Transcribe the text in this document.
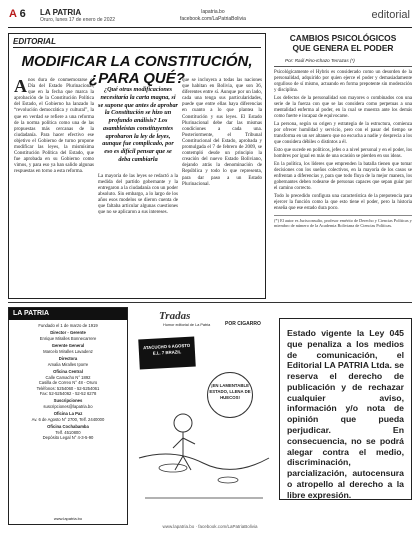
A 6 LA PATRIA
Oruro, lunes 17 de enero de 2022
lapatria.bo
facebook.com/LaPatriaBolivia	editorial
EDITORIAL
MODIFICAR LA CONSTITUCIÓN, ¿PARA QUÉ?
A nos dura de conmemorarse el Día del Estado Plurinacional, que en la fecha que marca la aprobación de la Constitución Política del Estado, el Gobierno ha lanzado la “revolución democrática y cultural”, la que en verdad se refiere a una reforma de la norma política como una de las propuestas más cercanas de la ciudadanía. Para hacer efectivo ese objetivo el Gobierno de turno propone modificar las leyes, la mismísima Constitución Política del Estado, que fue aprobada en su Gobierno como vimos, y para eso ya han salido algunas respuestas en torno a esta reforma.
¿Qué otras modificaciones necesitaría la carta magna, si se supone que antes de aprobar la Constitución se hizo un profundo análisis? Los asambleístas constituyentes aprobaron la ley de leyes, aunque fue complicado, por eso es difícil pensar que se deba cambiarla
La mayoría de las leyes se redactó a la medida del partido gobernante y la entregaron a la ciudadanía con un poder absoluto. Sin embargo, a lo largo de los años esos modelos se dieron cuenta de que faltaba articular algunas cuestiones que no se aplicaron a sus intereses.
que se incluyera a todas las naciones que habitan en Bolivia, que son 36, diferentes entre sí. Aunque por un lado, cada una tenga sus particularidades, puede que entre ellas haya diferencias en cuanto a lo que plantea la Constitución y sus leyes. El Estado Plurinacional debe dar las mismas condiciones a cada una. Posteriormente, el Tribunal Constitucional del Estado, aprobada y promulgada el 7 de febrero de 2009, se contempló desde un principio la creación del nuevo Estado Boliviano, dejando atrás la denominación de República y todo lo que representa, para dar paso a un Estado Plurinacional.
CAMBIOS PSICOLÓGICOS
QUE GENERA EL PODER
Por: Raúl Pino-Ichazo Terrazas (*)

Psicológicamente el Hybris es considerado como un desorden de la personalidad, adquirido por quien ejerce el poder y demasiadamente orgulloso de sí mismo, actuando en forma prepotente sin moderación y disciplina.

Los defectos de la personalidad son mayores o combinados con una serie de la fuerza con que se las considera como perpetuas a una mentalidad enferma al poder, en la cual se muestra ante los demás como fuerte e incapaz de equivocarse.

La persona, según su origen y estrategia de la estructura, comienza por ofrecer humildad y servicio, pero con el pasar del tiempo se transforma en un ser altanero que no escucha a nadie y desprecia a los que considera débiles o distintos a él.

Esto que sucede en políticos, jefes o a nivel personal y en el poder, los hombres por igual en más de una ocasión se pierden en sus ideas.

En la política, los líderes que emprenden la batalla tienen que tomar decisiones con los sueños colectivos, en la mayoría de los casos se enfrentan a diferencias y, para que todo fluya de la mejor manera, los gobernantes deben rodearse de personas capaces que sepan guiar por el camino correcto.

Todo lo precedido configura una característica de la prepotencia para ejercer la función como la que esto tiene el poder, pero la historia enseña que ese estado dura poco.

(*) El autor es Jurisconsulto, profesor emérito de Derecho y Ciencias Políticas y miembro de número de la Academia Boliviana de Ciencias Políticas.
LA PATRIA
Fundado el 1 de marzo de 1919
Director - Gerente
Enrique Miralles Bonnecarrere
Gerente General
Marcelo Miralles Lavadenz
Directora
Amalia Miralles Iporre
Oficina Central
Calle Camacho N° 1892
Casilla de Correo N° 48 - Oruro
Teléfonos: 5254060 - 52-5254061
Fax: 52-5254062 - 52-52 6278
Suscripciones
suscripciones@lapatria.bo
Oficina La Paz
Av. 6 de Agosto N° 2700, Telf. 2440000
Oficina Cochabamba
Telf. 4510800
Depósito Legal N° 4-3-5-90
www.lapatria.bo
Tradas
Humor editorial de La Patria	POR CIGARRO
ATACUCHO 6 AGOSTO E.L. 7 BRAZIL
¡EN LAMENTABLE ESTADO, LLENA DE HUECOS!
Estado vigente la Ley 045 que penaliza a los medios de comunicación, el Editorial LA PATRIA Ltda. se reserva el derecho de publicación y de rechazar cualquier aviso, información y/o nota de opinión que pueda perjudicar. En consecuencia, no se podrá alegar contra el medio, discriminación, parcialización, autocensura o atropello al derecho a la libre expresión.
www.lapatria.bo · facebook.com/LaPatriaBolivia
